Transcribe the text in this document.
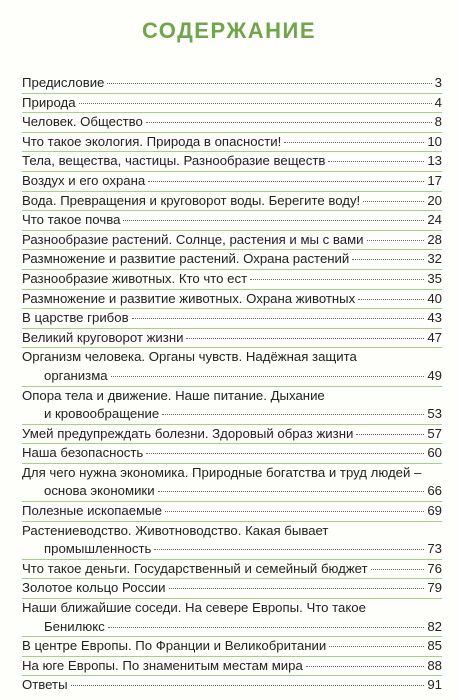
СОДЕРЖАНИЕ
Предисловие	3
Природа	4
Человек. Общество	8
Что такое экология. Природа в опасности!	10
Тела, вещества, частицы. Разнообразие веществ	13
Воздух и его охрана	17
Вода. Превращения и круговорот воды. Берегите воду!	20
Что такое почва	24
Разнообразие растений. Солнце, растения и мы с вами	28
Размножение и развитие растений. Охрана растений	32
Разнообразие животных. Кто что ест	35
Размножение и развитие животных. Охрана животных	40
В царстве грибов	43
Великий круговорот жизни	47
Организм человека. Органы чувств. Надёжная защита
организма	49
Опора тела и движение. Наше питание. Дыхание
и кровообращение	53
Умей предупреждать болезни. Здоровый образ жизни	57
Наша безопасность	60
Для чего нужна экономика. Природные богатства и труд людей –
основа экономики	66
Полезные ископаемые	69
Растениеводство. Животноводство. Какая бывает
промышленность	73
Что такое деньги. Государственный и семейный бюджет	76
Золотое кольцо России	79
Наши ближайшие соседи. На севере Европы. Что такое
Бенилюкс	82
В центре Европы. По Франции и Великобритании	85
На юге Европы. По знаменитым местам мира	88
Ответы	91
